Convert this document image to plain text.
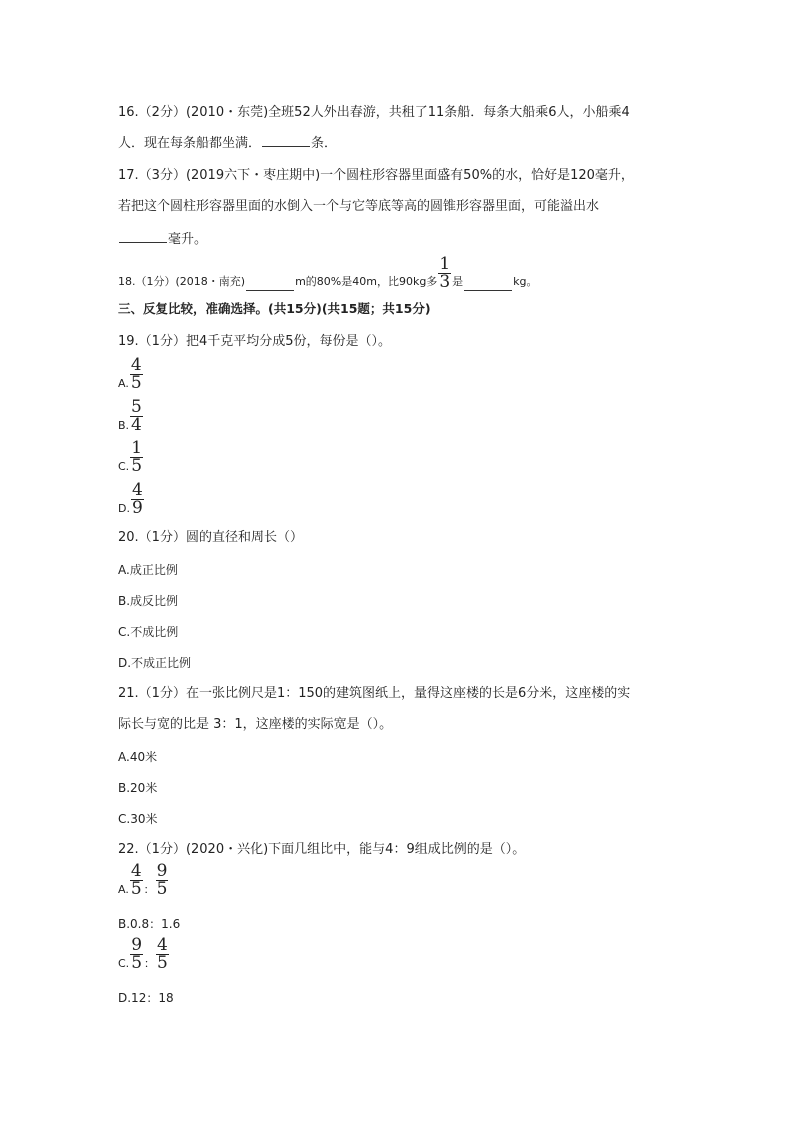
16.（2分）(2010・东莞)全班52人外出春游，共租了11条船．每条大船乘6人，小船乘4
人．现在每条船都坐满．	条．
17.（3分）(2019六下・枣庄期中)一个圆柱形容器里面盛有50%的水，恰好是120毫升，
若把这个圆柱形容器里面的水倒入一个与它等底等高的圆锥形容器里面，可能溢出水
毫升。
18.（1分）(2018・南充)	m的80%是40m，比90kg多 $\frac{1}{3}$ 是	kg。
三、反复比较，准确选择。(共15分)(共15题；共15分)
19.（1分）把4千克平均分成5份，每份是（）。
A. $\frac{4}{5}$
B. $\frac{5}{4}$
C. $\frac{1}{5}$
D. $\frac{4}{9}$
20.（1分）圆的直径和周长（）
A.成正比例
B.成反比例
C.不成比例
D.不成正比例
21.（1分）在一张比例尺是1：150的建筑图纸上，量得这座楼的长是6分米，这座楼的实
际长与宽的比是 3：1，这座楼的实际宽是（）。
A.40米
B.20米
C.30米
22.（1分）(2020・兴化)下面几组比中，能与4：9组成比例的是（）。
A. $\frac{4}{5}$ ： $\frac{9}{5}$
B.0.8：1.6
C. $\frac{9}{5}$ ： $\frac{4}{5}$
D.12：18
